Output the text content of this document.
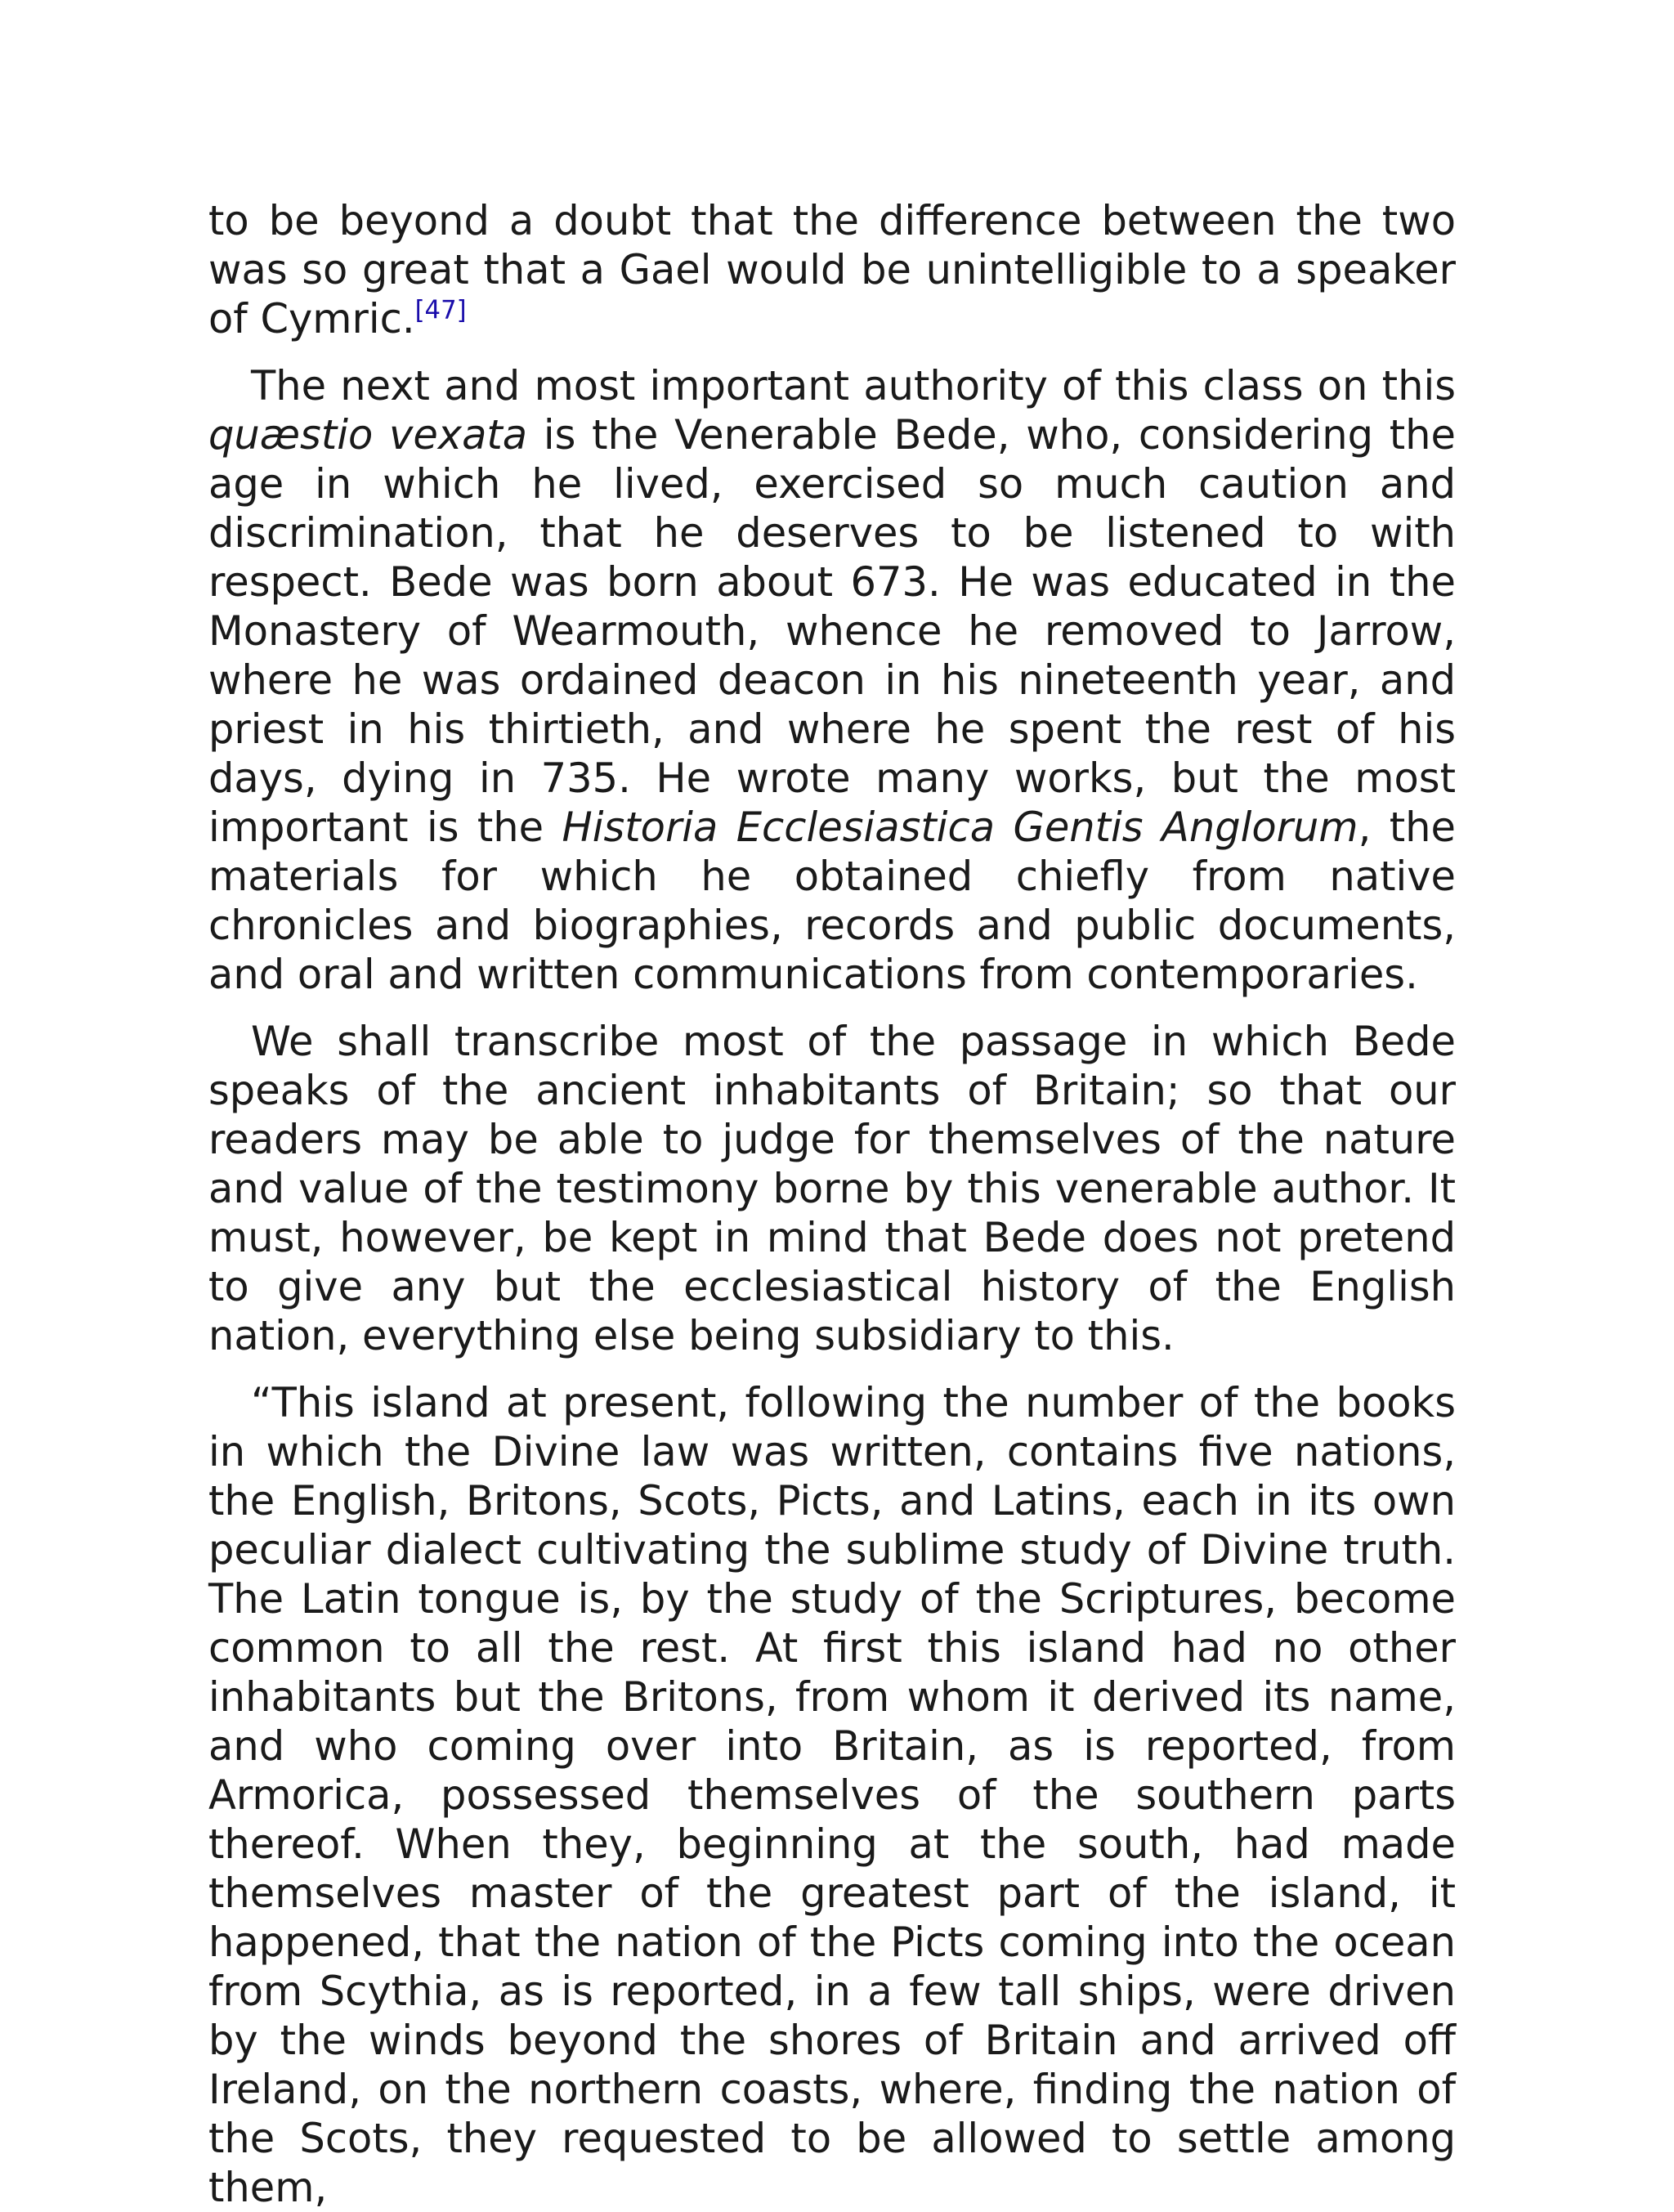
to be beyond a doubt that the difference between the two was so great that a Gael would be unintelligible to a speaker of Cymric.[47]

The next and most important authority of this class on this quæstio vexata is the Venerable Bede, who, considering the age in which he lived, exercised so much caution and discrimination, that he deserves to be listened to with respect. Bede was born about 673. He was educated in the Monastery of Wearmouth, whence he removed to Jarrow, where he was ordained deacon in his nineteenth year, and priest in his thirtieth, and where he spent the rest of his days, dying in 735. He wrote many works, but the most important is the Historia Ecclesiastica Gentis Anglorum, the materials for which he obtained chiefly from native chronicles and biographies, records and public documents, and oral and written communications from contemporaries.

We shall transcribe most of the passage in which Bede speaks of the ancient inhabitants of Britain; so that our readers may be able to judge for themselves of the nature and value of the testimony borne by this venerable author. It must, however, be kept in mind that Bede does not pretend to give any but the ecclesiastical history of the English nation, everything else being subsidiary to this.

“This island at present, following the number of the books in which the Divine law was written, contains five nations, the English, Britons, Scots, Picts, and Latins, each in its own peculiar dialect cultivating the sublime study of Divine truth. The Latin tongue is, by the study of the Scriptures, become common to all the rest. At first this island had no other inhabitants but the Britons, from whom it derived its name, and who coming over into Britain, as is reported, from Armorica, possessed themselves of the southern parts thereof. When they, beginning at the south, had made themselves master of the greatest part of the island, it happened, that the nation of the Picts coming into the ocean from Scythia, as is reported, in a few tall ships, were driven by the winds beyond the shores of Britain and arrived off Ireland, on the northern coasts, where, finding the nation of the Scots, they requested to be allowed to settle among them,
